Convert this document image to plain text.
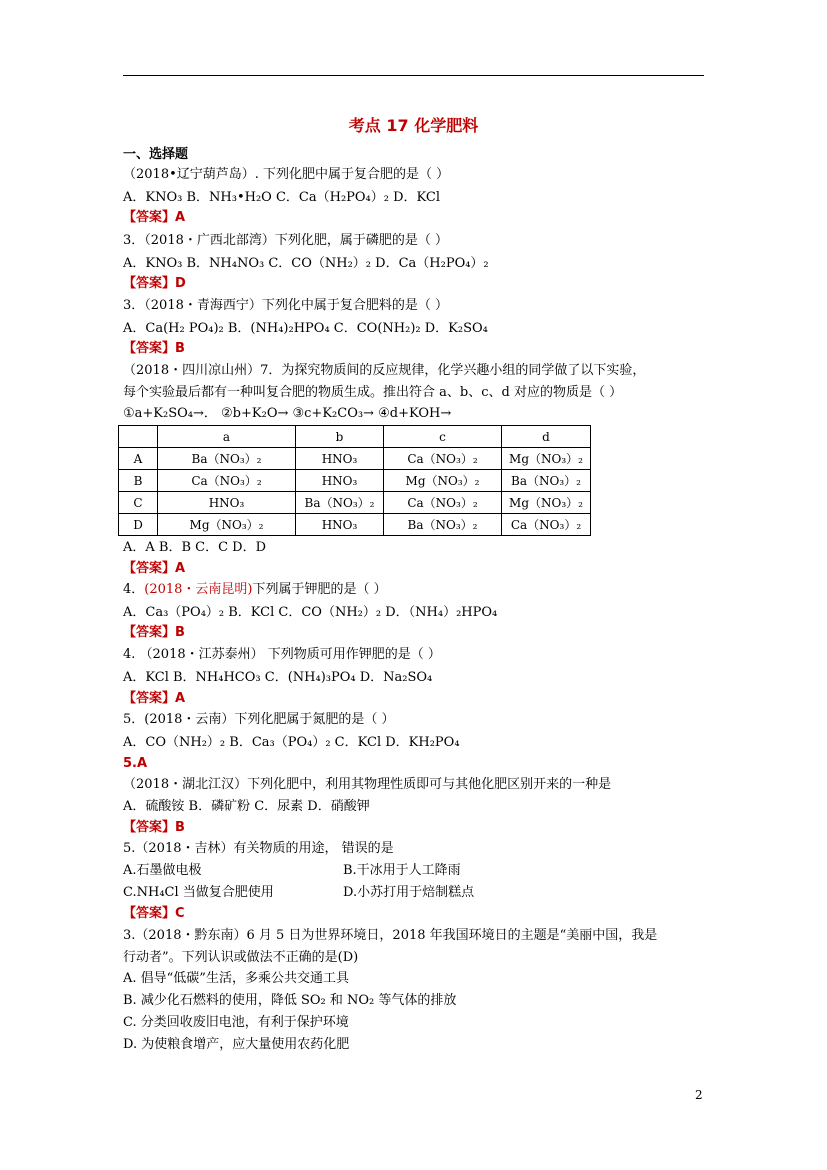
考点 17 化学肥料
一、选择题
（2018•辽宁葫芦岛）. 下列化肥中属于复合肥的是（ ）
A．KNO₃ B．NH₃•H₂O C．Ca（H₂PO₄）₂ D．KCl
【答案】A
3．（2018・广西北部湾）下列化肥，属于磷肥的是（ ）
A．KNO₃ B．NH₄NO₃ C．CO（NH₂）₂ D．Ca（H₂PO₄）₂
【答案】D
3．（2018・青海西宁）下列化中属于复合肥料的是（ ）
A．Ca(H₂ PO₄)₂ B．(NH₄)₂HPO₄ C．CO(NH₂)₂ D．K₂SO₄
【答案】B
（2018・四川凉山州）7．为探究物质间的反应规律，化学兴趣小组的同学做了以下实验，
每个实验最后都有一种叫复合肥的物质生成。推出符合 a、b、c、d 对应的物质是（ ）
①a+K₂SO₄→． ②b+K₂O→ ③c+K₂CO₃→ ④d+KOH→
	a	b	c	d
A	Ba（NO₃）₂	HNO₃	Ca（NO₃）₂	Mg（NO₃）₂
B	Ca（NO₃）₂	HNO₃	Mg（NO₃）₂	Ba（NO₃）₂
C	HNO₃	Ba（NO₃）₂	Ca（NO₃）₂	Mg（NO₃）₂
D	Mg（NO₃）₂	HNO₃	Ba（NO₃）₂	Ca（NO₃）₂
A．A B．B C．C D．D
【答案】A
4．(2018・云南昆明)下列属于钾肥的是（ ）
A．Ca₃（PO₄）₂ B．KCl C．CO（NH₂）₂ D．（NH₄）₂HPO₄
【答案】B
4. （2018・江苏泰州） 下列物质可用作钾肥的是（ ）
A．KCl B．NH₄HCO₃ C．(NH₄)₃PO₄ D．Na₂SO₄
【答案】A
5．(2018・云南）下列化肥属于氮肥的是（ ）
A．CO（NH₂）₂ B．Ca₃（PO₄）₂ C．KCl D．KH₂PO₄
5.A
（2018・湖北江汉）下列化肥中，利用其物理性质即可与其他化肥区别开来的一种是
A．硫酸铵 B．磷矿粉 C．尿素 D．硝酸钾
【答案】B
5.（2018・吉林）有关物质的用途， 错误的是
A.石墨做电极	B.干冰用于人工降雨
C.NH₄Cl 当做复合肥使用	D.小苏打用于焙制糕点
【答案】C
3.（2018・黔东南）6 月 5 日为世界环境日，2018 年我国环境日的主题是“美丽中国，我是
行动者”。下列认识或做法不正确的是(D)
A. 倡导“低碳”生活，多乘公共交通工具
B. 减少化石燃料的使用，降低 SO₂ 和 NO₂ 等气体的排放
C. 分类回收废旧电池，有利于保护环境
D. 为使粮食增产，应大量使用农药化肥
2
